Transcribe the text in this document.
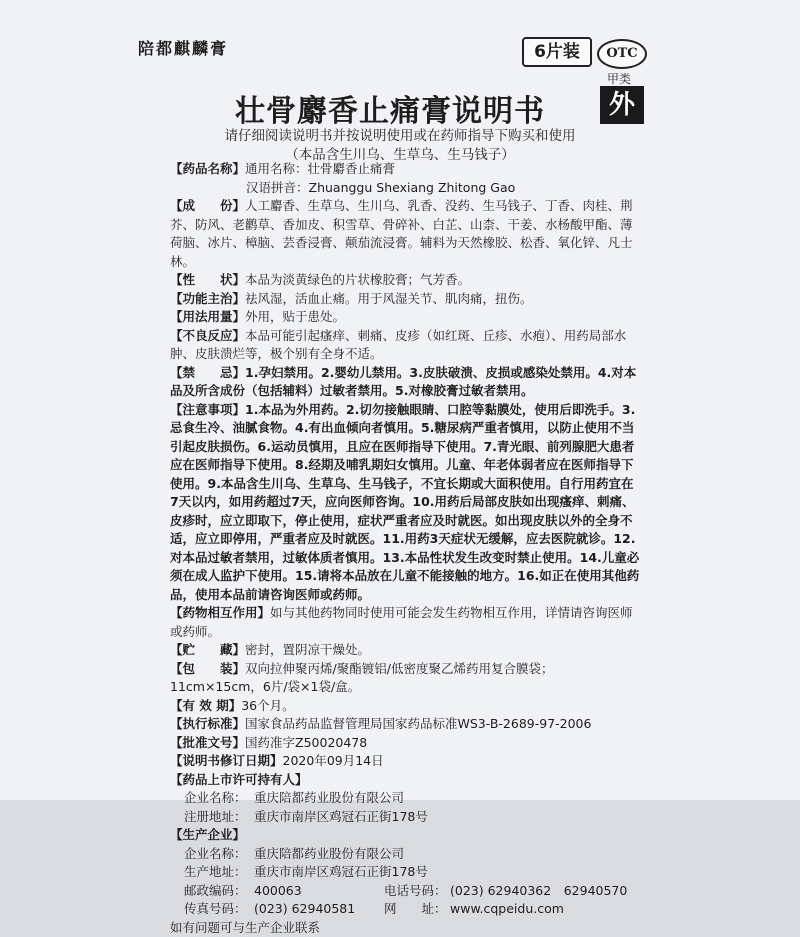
陪都麒麟膏	6片装	OTC
甲类
外
壮骨麝香止痛膏说明书
请仔细阅读说明书并按说明使用或在药师指导下购买和使用
（本品含生川乌、生草乌、生马钱子）

【药品名称】通用名称：壮骨麝香止痛膏

汉语拼音：Zhuanggu Shexiang Zhitong Gao

【成　　份】人工麝香、生草乌、生川乌、乳香、没药、生马钱子、丁香、肉桂、荆芥、防风、老鹳草、香加皮、积雪草、骨碎补、白芷、山柰、干姜、水杨酸甲酯、薄荷脑、冰片、樟脑、芸香浸膏、颠茄流浸膏。辅料为天然橡胶、松香、氧化锌、凡士林。

【性　　状】本品为淡黄绿色的片状橡胶膏；气芳香。

【功能主治】祛风湿，活血止痛。用于风湿关节、肌肉痛，扭伤。

【用法用量】外用，贴于患处。

【不良反应】本品可能引起瘙痒、刺痛、皮疹（如红斑、丘疹、水疱）、用药局部水肿、皮肤溃烂等，极个别有全身不适。

【禁　　忌】1.孕妇禁用。2.婴幼儿禁用。3.皮肤破溃、皮损或感染处禁用。4.对本品及所含成份（包括辅料）过敏者禁用。5.对橡胶膏过敏者禁用。

【注意事项】1.本品为外用药。2.切勿接触眼睛、口腔等黏膜处，使用后即洗手。3.忌食生冷、油腻食物。4.有出血倾向者慎用。5.糖尿病严重者慎用，以防止使用不当引起皮肤损伤。6.运动员慎用，且应在医师指导下使用。7.青光眼、前列腺肥大患者应在医师指导下使用。8.经期及哺乳期妇女慎用。儿童、年老体弱者应在医师指导下使用。9.本品含生川乌、生草乌、生马钱子，不宜长期或大面积使用。自行用药宜在7天以内，如用药超过7天，应向医师咨询。10.用药后局部皮肤如出现瘙痒、刺痛、皮疹时，应立即取下，停止使用，症状严重者应及时就医。如出现皮肤以外的全身不适，应立即停用，严重者应及时就医。11.用药3天症状无缓解，应去医院就诊。12.对本品过敏者禁用，过敏体质者慎用。13.本品性状发生改变时禁止使用。14.儿童必须在成人监护下使用。15.请将本品放在儿童不能接触的地方。16.如正在使用其他药品，使用本品前请咨询医师或药师。

【药物相互作用】如与其他药物同时使用可能会发生药物相互作用，详情请咨询医师或药师。

【贮　　藏】密封，置阴凉干燥处。

【包　　装】双向拉伸聚丙烯/聚酯镀铝/低密度聚乙烯药用复合膜袋；11cm×15cm，6片/袋×1袋/盒。

【有 效 期】36个月。

【执行标准】国家食品药品监督管理局国家药品标准WS3-B-2689-97-2006

【批准文号】国药准字Z50020478

【说明书修订日期】2020年09月14日

【药品上市许可持有人】

企业名称： 重庆陪都药业股份有限公司
注册地址： 重庆市南岸区鸡冠石正街178号

【生产企业】

企业名称： 重庆陪都药业股份有限公司
生产地址： 重庆市南岸区鸡冠石正街178号
邮政编码： 400063	电话号码： (023) 62940362　62940570
传真号码： (023) 62940581	网　　址： www.cqpeidu.com

如有问题可与生产企业联系
